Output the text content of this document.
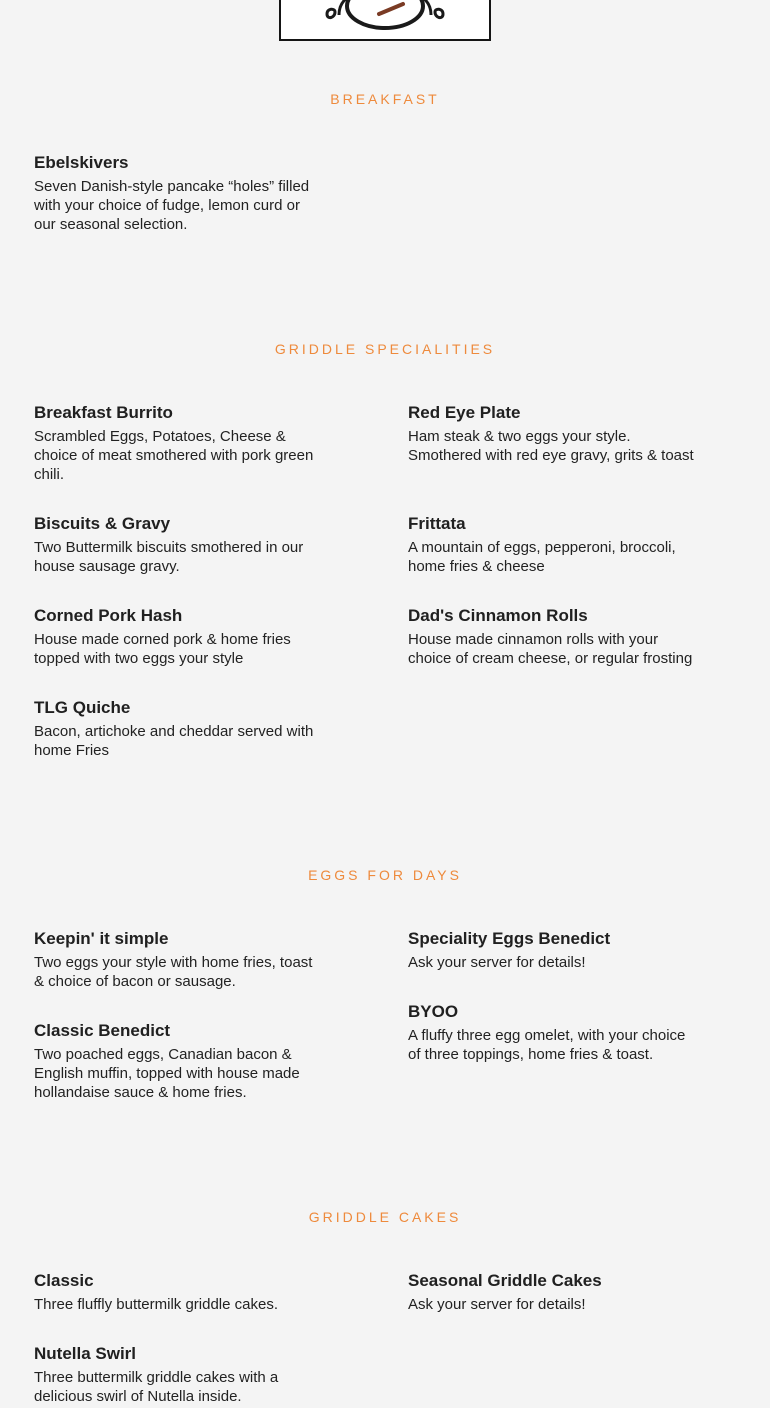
BREAKFAST
Ebelskivers
Seven Danish-style pancake “holes” filled with your choice of fudge, lemon curd or our seasonal selection.
GRIDDLE SPECIALITIES
Breakfast Burrito
Scrambled Eggs, Potatoes, Cheese & choice of meat smothered with pork green chili.
Red Eye Plate
Ham steak & two eggs your style. Smothered with red eye gravy, grits & toast
Biscuits & Gravy
Two Buttermilk biscuits smothered in our house sausage gravy.
Frittata
A mountain of eggs, pepperoni, broccoli, home fries & cheese
Corned Pork Hash
House made corned pork & home fries topped with two eggs your style
Dad's Cinnamon Rolls
House made cinnamon rolls with your choice of cream cheese, or regular frosting
TLG Quiche
Bacon, artichoke and cheddar served with home Fries
EGGS FOR DAYS
Keepin' it simple
Two eggs your style with home fries, toast & choice of bacon or sausage.
Speciality Eggs Benedict
Ask your server for details!
Classic Benedict
Two poached eggs, Canadian bacon & English muffin, topped with house made hollandaise sauce & home fries.
BYOO
A fluffy three egg omelet, with your choice of three toppings, home fries & toast.
GRIDDLE CAKES
Classic
Three fluffly buttermilk griddle cakes.
Seasonal Griddle Cakes
Ask your server for details!
Nutella Swirl
Three buttermilk griddle cakes with a delicious swirl of Nutella inside.
